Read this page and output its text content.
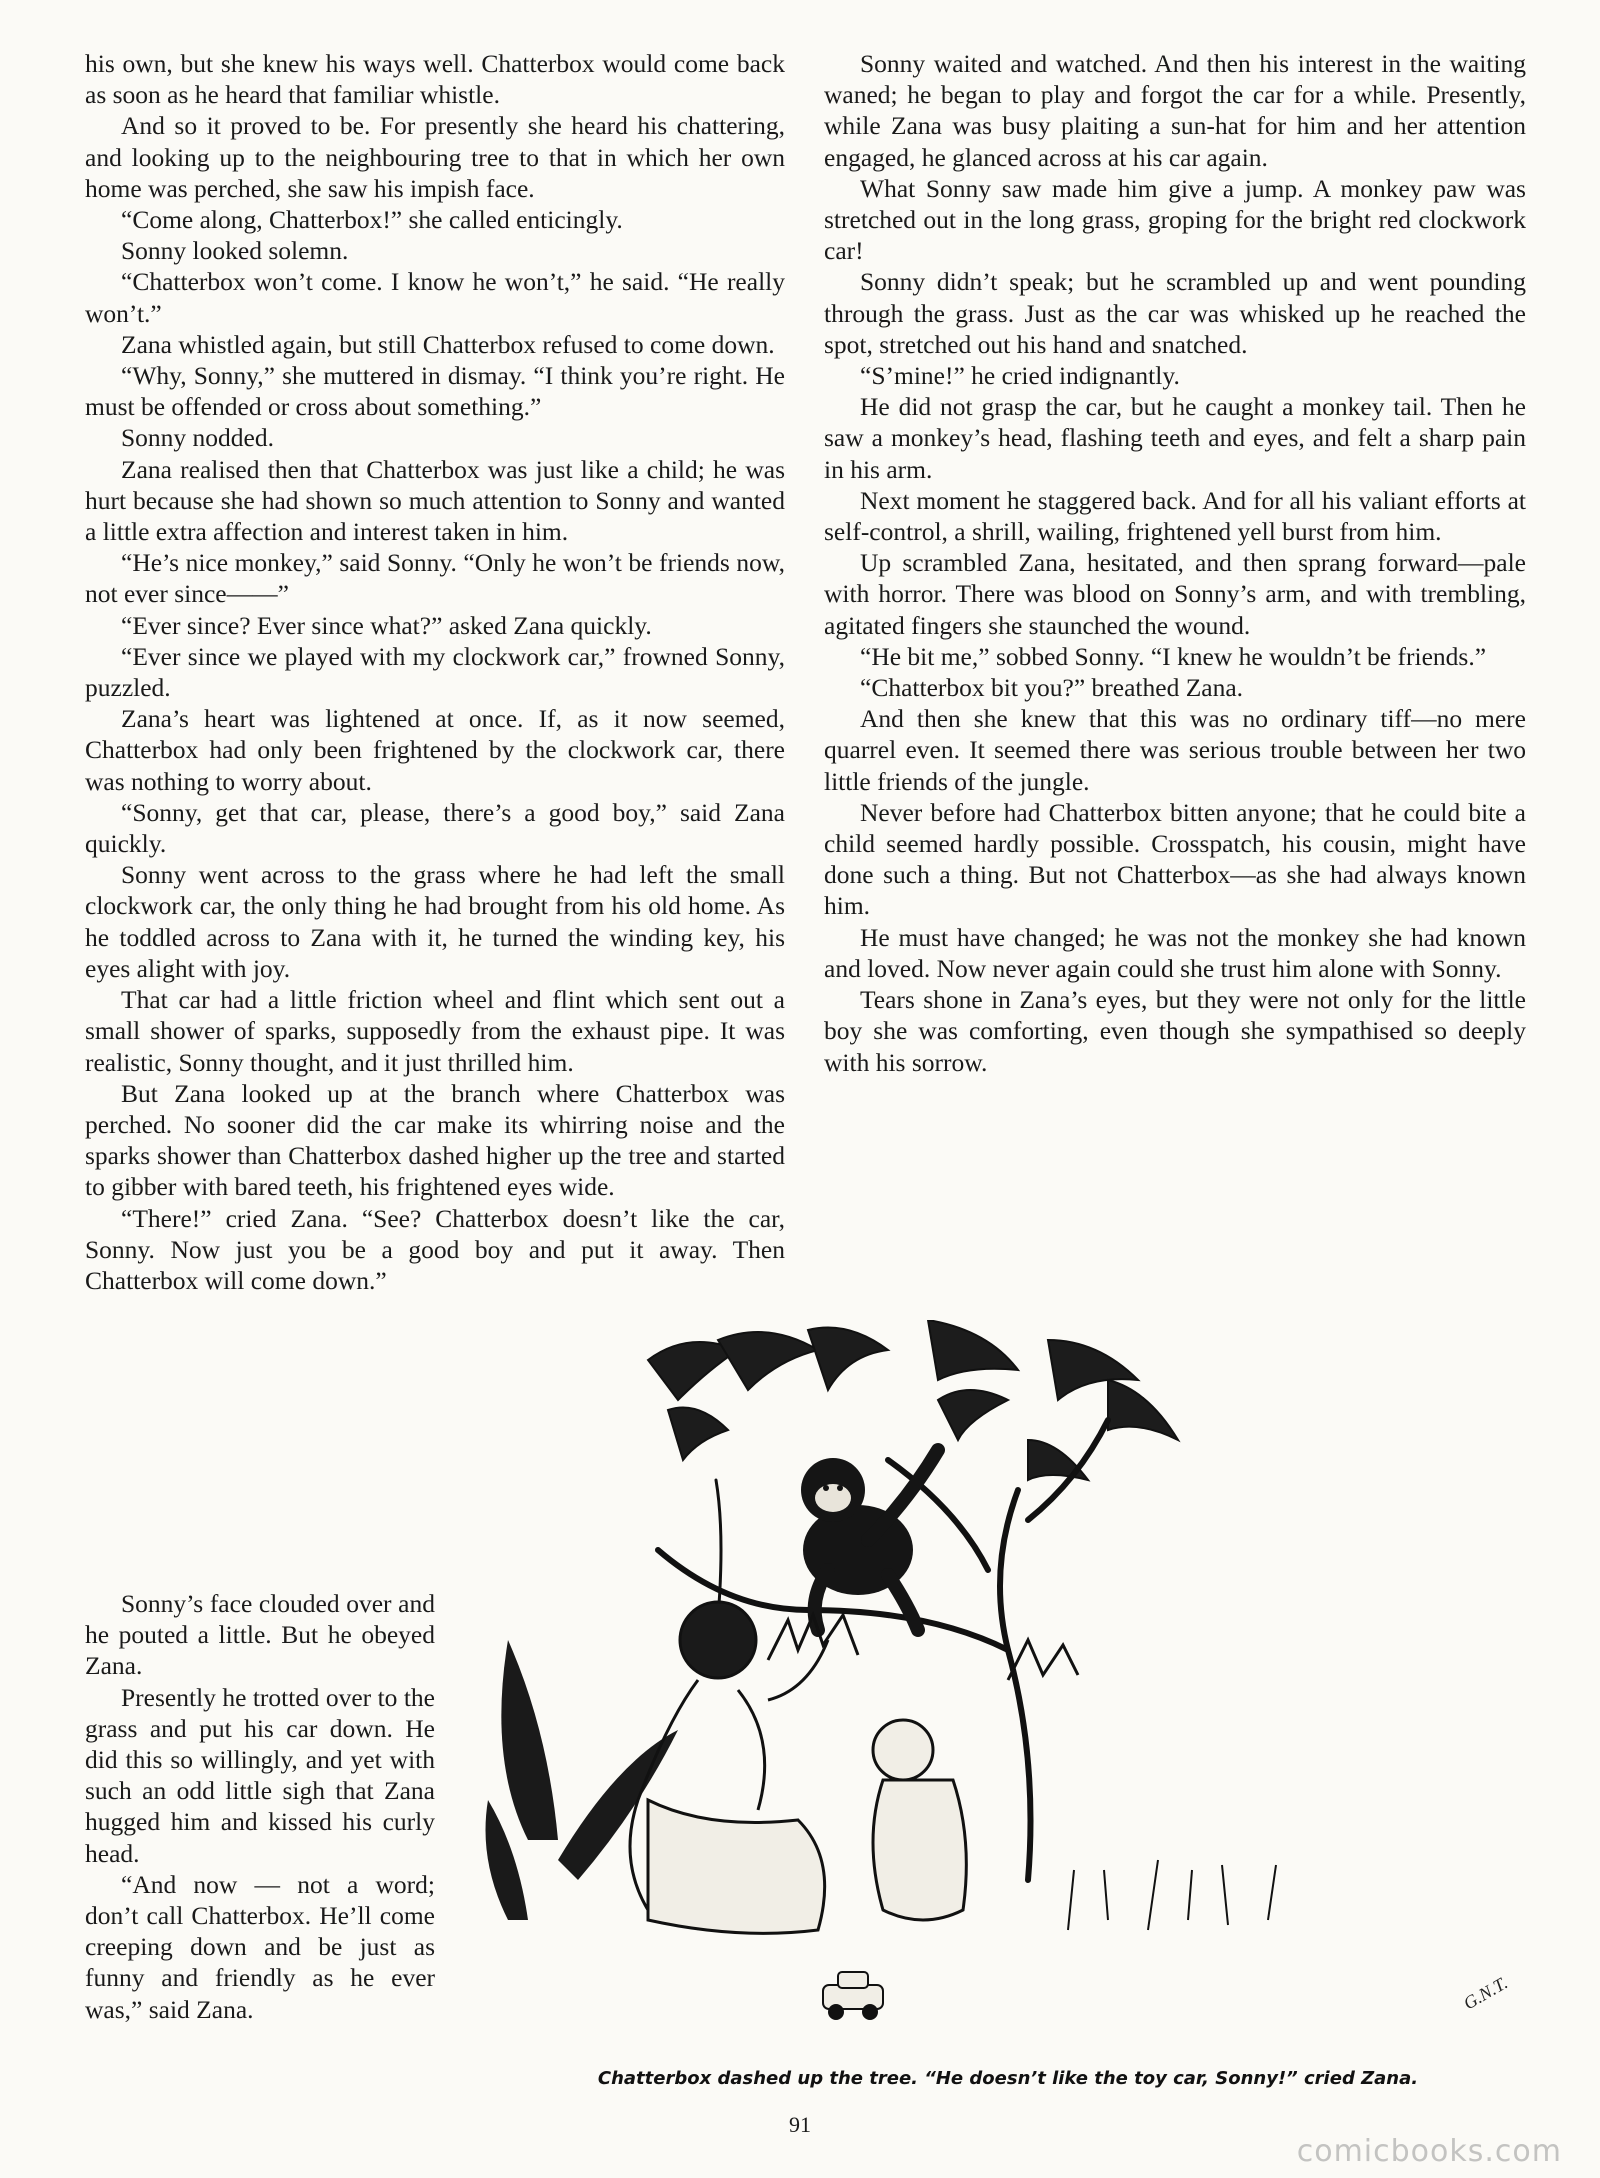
his own, but she knew his ways well. Chatterbox would come back as soon as he heard that familiar whistle.

And so it proved to be. For presently she heard his chattering, and looking up to the neighbouring tree to that in which her own home was perched, she saw his impish face.

“Come along, Chatterbox!” she called enticingly.

Sonny looked solemn.

“Chatterbox won’t come. I know he won’t,” he said. “He really won’t.”

Zana whistled again, but still Chatterbox refused to come down.

“Why, Sonny,” she muttered in dismay. “I think you’re right. He must be offended or cross about something.”

Sonny nodded.

Zana realised then that Chatterbox was just like a child; he was hurt because she had shown so much attention to Sonny and wanted a little extra affection and interest taken in him.

“He’s nice monkey,” said Sonny. “Only he won’t be friends now, not ever since——”

“Ever since? Ever since what?” asked Zana quickly.

“Ever since we played with my clockwork car,” frowned Sonny, puzzled.

Zana’s heart was lightened at once. If, as it now seemed, Chatterbox had only been frightened by the clockwork car, there was nothing to worry about.

“Sonny, get that car, please, there’s a good boy,” said Zana quickly.

Sonny went across to the grass where he had left the small clockwork car, the only thing he had brought from his old home. As he toddled across to Zana with it, he turned the winding key, his eyes alight with joy.

That car had a little friction wheel and flint which sent out a small shower of sparks, supposedly from the exhaust pipe. It was realistic, Sonny thought, and it just thrilled him.

But Zana looked up at the branch where Chatterbox was perched. No sooner did the car make its whirring noise and the sparks shower than Chatterbox dashed higher up the tree and started to gibber with bared teeth, his frightened eyes wide.

“There!” cried Zana. “See? Chatterbox doesn’t like the car, Sonny. Now just you be a good boy and put it away. Then Chatterbox will come down.”

Sonny’s face clouded over and he pouted a little. But he obeyed Zana.

Presently he trotted over to the grass and put his car down. He did this so willingly, and yet with such an odd little sigh that Zana hugged him and kissed his curly head.

“And now — not a word; don’t call Chatterbox. He’ll come creeping down and be just as funny and friendly as he ever was,” said Zana.

Sonny waited and watched. And then his interest in the waiting waned; he began to play and forgot the car for a while. Presently, while Zana was busy plaiting a sun-hat for him and her attention engaged, he glanced across at his car again.

What Sonny saw made him give a jump. A monkey paw was stretched out in the long grass, groping for the bright red clockwork car!

Sonny didn’t speak; but he scrambled up and went pounding through the grass. Just as the car was whisked up he reached the spot, stretched out his hand and snatched.

“S’mine!” he cried indignantly.

He did not grasp the car, but he caught a monkey tail. Then he saw a monkey’s head, flashing teeth and eyes, and felt a sharp pain in his arm.

Next moment he staggered back. And for all his valiant efforts at self-control, a shrill, wailing, frightened yell burst from him.

Up scrambled Zana, hesitated, and then sprang forward—pale with horror. There was blood on Sonny’s arm, and with trembling, agitated fingers she staunched the wound.

“He bit me,” sobbed Sonny. “I knew he wouldn’t be friends.”

“Chatterbox bit you?” breathed Zana.

And then she knew that this was no ordinary tiff—no mere quarrel even. It seemed there was serious trouble between her two little friends of the jungle.

Never before had Chatterbox bitten anyone; that he could bite a child seemed hardly possible. Crosspatch, his cousin, might have done such a thing. But not Chatterbox—as she had always known him.

He must have changed; he was not the monkey she had known and loved. Now never again could she trust him alone with Sonny.

Tears shone in Zana’s eyes, but they were not only for the little boy she was comforting, even though she sympathised so deeply with his sorrow.

G.N.T.
Chatterbox dashed up the tree. “He doesn’t like the toy car, Sonny!” cried Zana.
91
comicbooks.com
